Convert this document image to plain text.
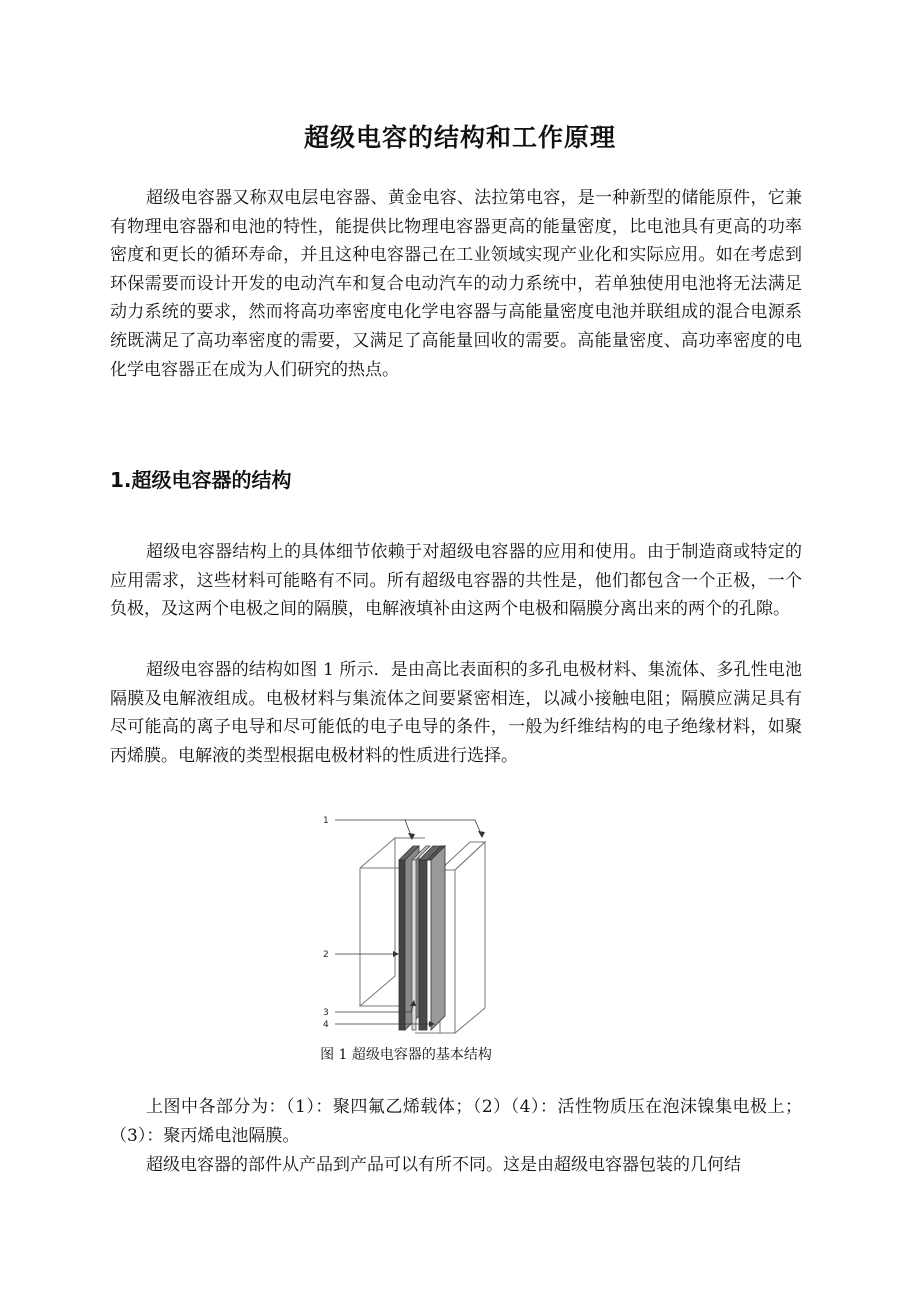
超级电容的结构和工作原理

超级电容器又称双电层电容器、黄金电容、法拉第电容，是一种新型的储能原件，它兼有物理电容器和电池的特性，能提供比物理电容器更高的能量密度，比电池具有更高的功率密度和更长的循环寿命，并且这种电容器己在工业领域实现产业化和实际应用。如在考虑到环保需要而设计开发的电动汽车和复合电动汽车的动力系统中，若单独使用电池将无法满足动力系统的要求，然而将高功率密度电化学电容器与高能量密度电池并联组成的混合电源系统既满足了高功率密度的需要，又满足了高能量回收的需要。高能量密度、高功率密度的电化学电容器正在成为人们研究的热点。

1.超级电容器的结构

超级电容器结构上的具体细节依赖于对超级电容器的应用和使用。由于制造商或特定的应用需求，这些材料可能略有不同。所有超级电容器的共性是，他们都包含一个正极，一个负极，及这两个电极之间的隔膜，电解液填补由这两个电极和隔膜分离出来的两个的孔隙。

超级电容器的结构如图 1 所示．是由高比表面积的多孔电极材料、集流体、多孔性电池隔膜及电解液组成。电极材料与集流体之间要紧密相连，以减小接触电阻；隔膜应满足具有尽可能高的离子电导和尽可能低的电子电导的条件，一般为纤维结构的电子绝缘材料，如聚丙烯膜。电解液的类型根据电极材料的性质进行选择。

1
2
3
4

图 1 超级电容器的基本结构

上图中各部分为：（1）：聚四氟乙烯载体；（2）（4）：活性物质压在泡沫镍集电极上；（3）：聚丙烯电池隔膜。

超级电容器的部件从产品到产品可以有所不同。这是由超级电容器包装的几何结
